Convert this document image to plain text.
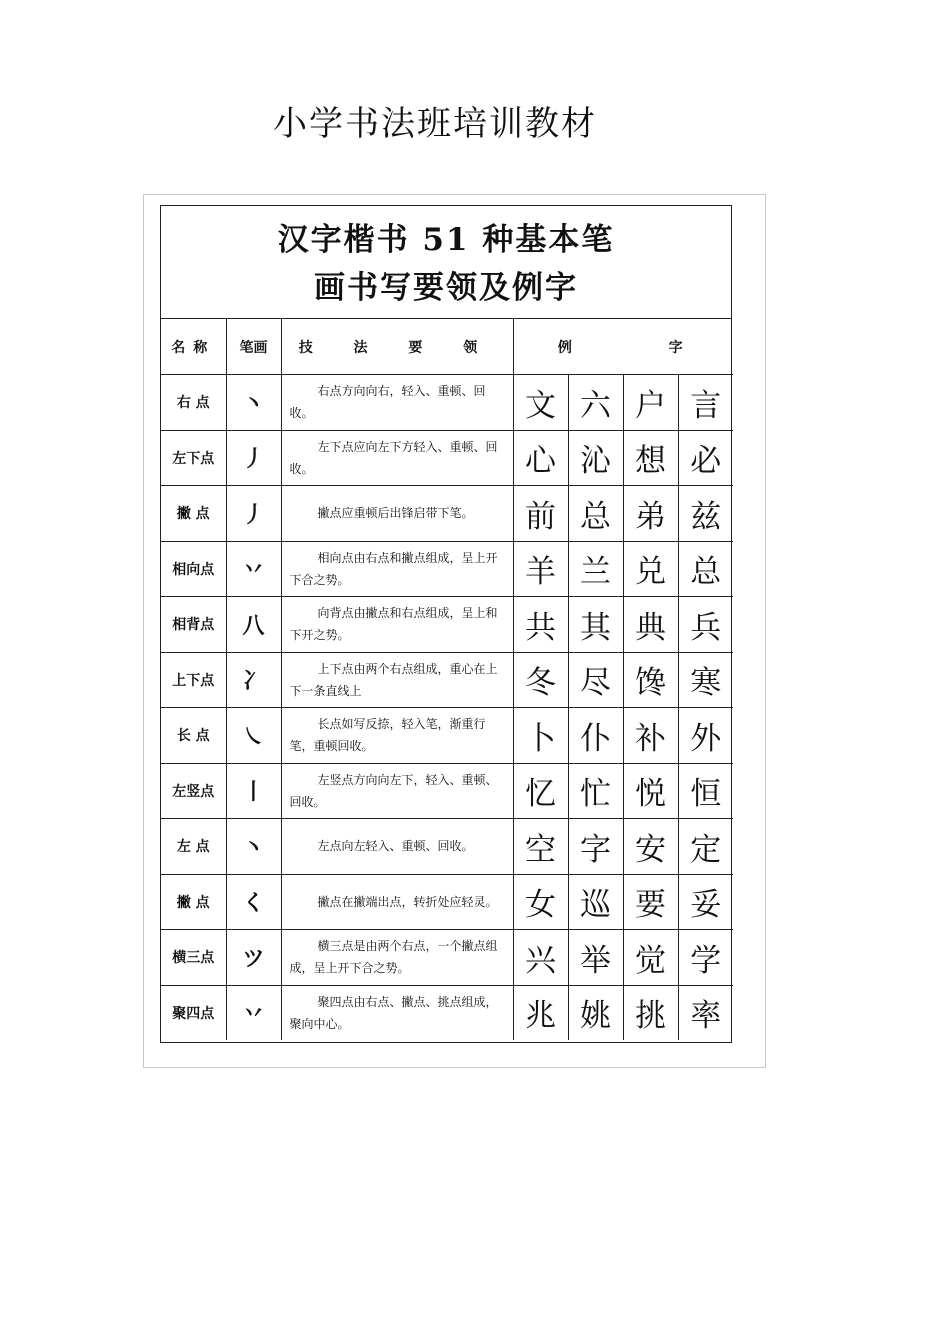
小学书法班培训教材
汉字楷书 51 种基本笔
画书写要领及例字
名称	笔画	技 法 要 领	例 字			
右 点	丶	右点方向向右，轻入、重顿、回收。	文	六	户	言
左下点	丿	左下点应向左下方轻入、重顿、回收。	心	沁	想	必
撇 点	丿	撇点应重顿后出锋启带下笔。	前	总	弟	兹
相向点	丷	相向点由右点和撇点组成，呈上开下合之势。	羊	兰	兑	总
相背点	八	向背点由撇点和右点组成，呈上和下开之势。	共	其	典	兵
上下点	冫	上下点由两个右点组成，重心在上下一条直线上	冬	尽	馋	寒
长 点	㇏	长点如写反捺，轻入笔，渐重行笔，重顿回收。	卜	仆	补	外
左竖点	丨	左竖点方向向左下，轻入、重顿、回收。	忆	忙	悦	恒
左 点	丶	左点向左轻入、重顿、回收。	空	字	安	定
撇 点	く	撇点在撇端出点，转折处应轻灵。	女	巡	要	妥
横三点	ツ	横三点是由两个右点，一个撇点组成，呈上开下合之势。	兴	举	觉	学
聚四点	丷	聚四点由右点、撇点、挑点组成，聚向中心。	兆	姚	挑	率
